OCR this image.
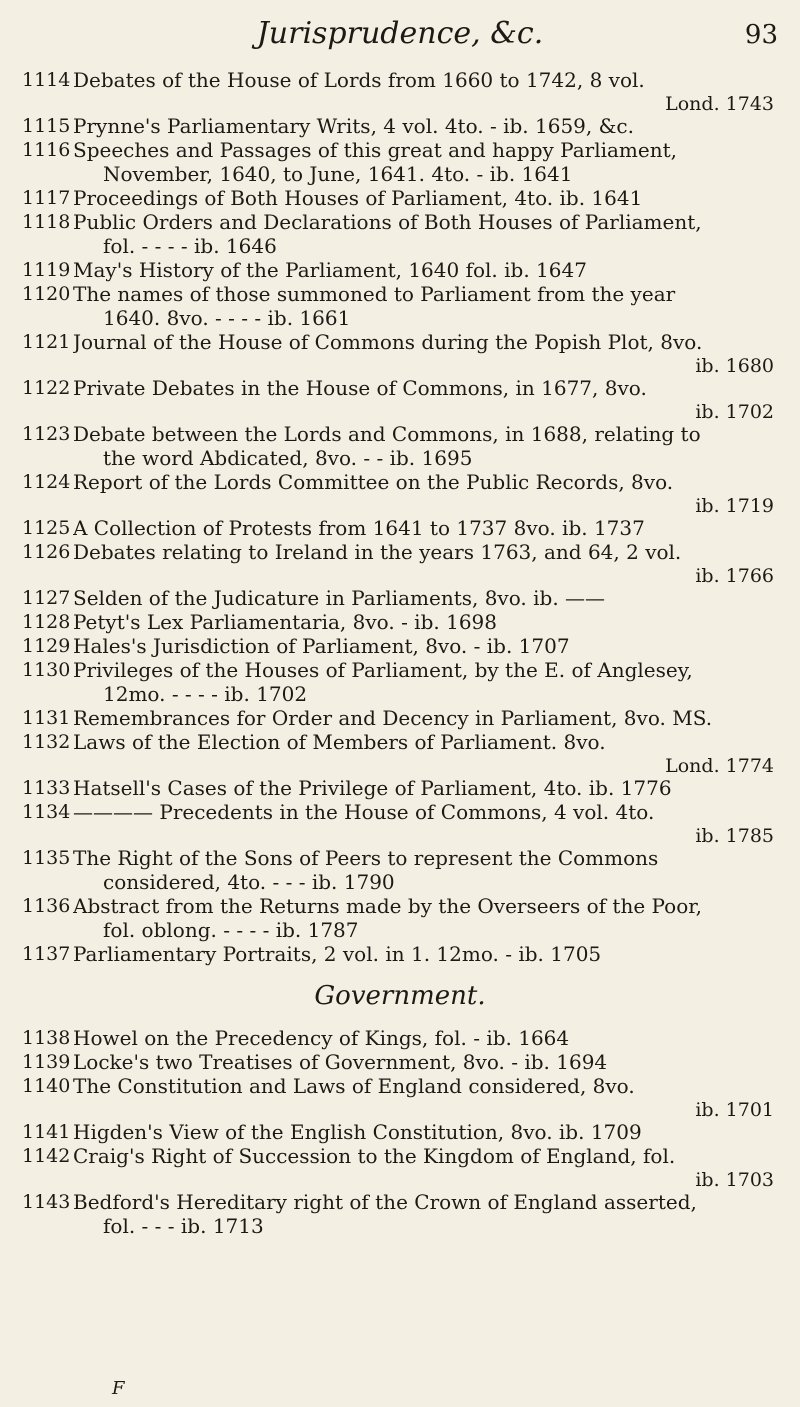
Jurisprudence, &c.	93
1114 Debates of the House of Lords from 1660 to 1742, 8 vol.
Lond. 1743
1115 Prynne's Parliamentary Writs, 4 vol. 4to. - ib. 1659, &c.
1116 Speeches and Passages of this great and happy Parliament,
November, 1640, to June, 1641. 4to. - ib. 1641
1117 Proceedings of Both Houses of Parliament, 4to. ib. 1641
1118 Public Orders and Declarations of Both Houses of Parliament,
fol. - - - - ib. 1646
1119 May's History of the Parliament, 1640 fol. ib. 1647
1120 The names of those summoned to Parliament from the year
1640. 8vo. - - - - ib. 1661
1121 Journal of the House of Commons during the Popish Plot, 8vo.
ib. 1680
1122 Private Debates in the House of Commons, in 1677, 8vo.
ib. 1702
1123 Debate between the Lords and Commons, in 1688, relating to
the word Abdicated, 8vo. - - ib. 1695
1124 Report of the Lords Committee on the Public Records, 8vo.
ib. 1719
1125 A Collection of Protests from 1641 to 1737 8vo. ib. 1737
1126 Debates relating to Ireland in the years 1763, and 64, 2 vol.
ib. 1766
1127 Selden of the Judicature in Parliaments, 8vo. ib. ——
1128 Petyt's Lex Parliamentaria, 8vo. - ib. 1698
1129 Hales's Jurisdiction of Parliament, 8vo. - ib. 1707
1130 Privileges of the Houses of Parliament, by the E. of Anglesey,
12mo. - - - - ib. 1702
1131 Remembrances for Order and Decency in Parliament, 8vo. MS.
1132 Laws of the Election of Members of Parliament. 8vo.
Lond. 1774
1133 Hatsell's Cases of the Privilege of Parliament, 4to. ib. 1776
1134 ———— Precedents in the House of Commons, 4 vol. 4to.
ib. 1785
1135 The Right of the Sons of Peers to represent the Commons
considered, 4to. - - - ib. 1790
1136 Abstract from the Returns made by the Overseers of the Poor,
fol. oblong. - - - - ib. 1787
1137 Parliamentary Portraits, 2 vol. in 1. 12mo. - ib. 1705
Government.
1138 Howel on the Precedency of Kings, fol. - ib. 1664
1139 Locke's two Treatises of Government, 8vo. - ib. 1694
1140 The Constitution and Laws of England considered, 8vo.
ib. 1701
1141 Higden's View of the English Constitution, 8vo. ib. 1709
1142 Craig's Right of Succession to the Kingdom of England, fol.
ib. 1703
1143 Bedford's Hereditary right of the Crown of England asserted,
fol. - - - ib. 1713
F
